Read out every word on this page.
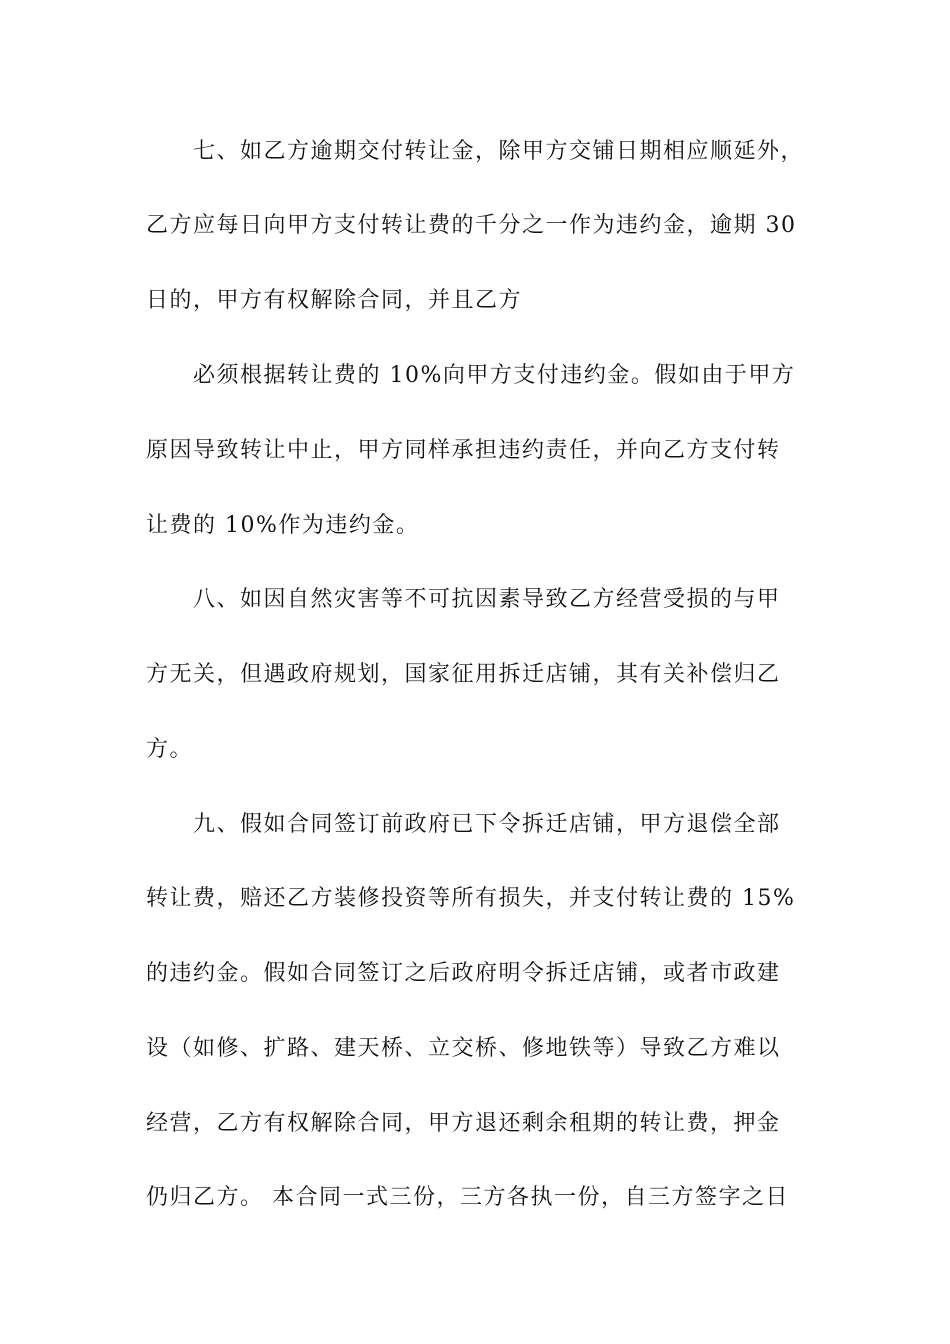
七、如乙方逾期交付转让金，除甲方交铺日期相应顺延外，
乙方应每日向甲方支付转让费的千分之一作为违约金，逾期 30
日的，甲方有权解除合同，并且乙方
必须根据转让费的 10%向甲方支付违约金。假如由于甲方
原因导致转让中止，甲方同样承担违约责任，并向乙方支付转
让费的 10%作为违约金。
八、如因自然灾害等不可抗因素导致乙方经营受损的与甲
方无关，但遇政府规划，国家征用拆迁店铺，其有关补偿归乙
方。
九、假如合同签订前政府已下令拆迁店铺，甲方退偿全部
转让费，赔还乙方装修投资等所有损失，并支付转让费的 15%
的违约金。假如合同签订之后政府明令拆迁店铺，或者市政建
设（如修、扩路、建天桥、立交桥、修地铁等）导致乙方难以
经营，乙方有权解除合同，甲方退还剩余租期的转让费，押金
仍归乙方。 本合同一式三份，三方各执一份，自三方签字之日
